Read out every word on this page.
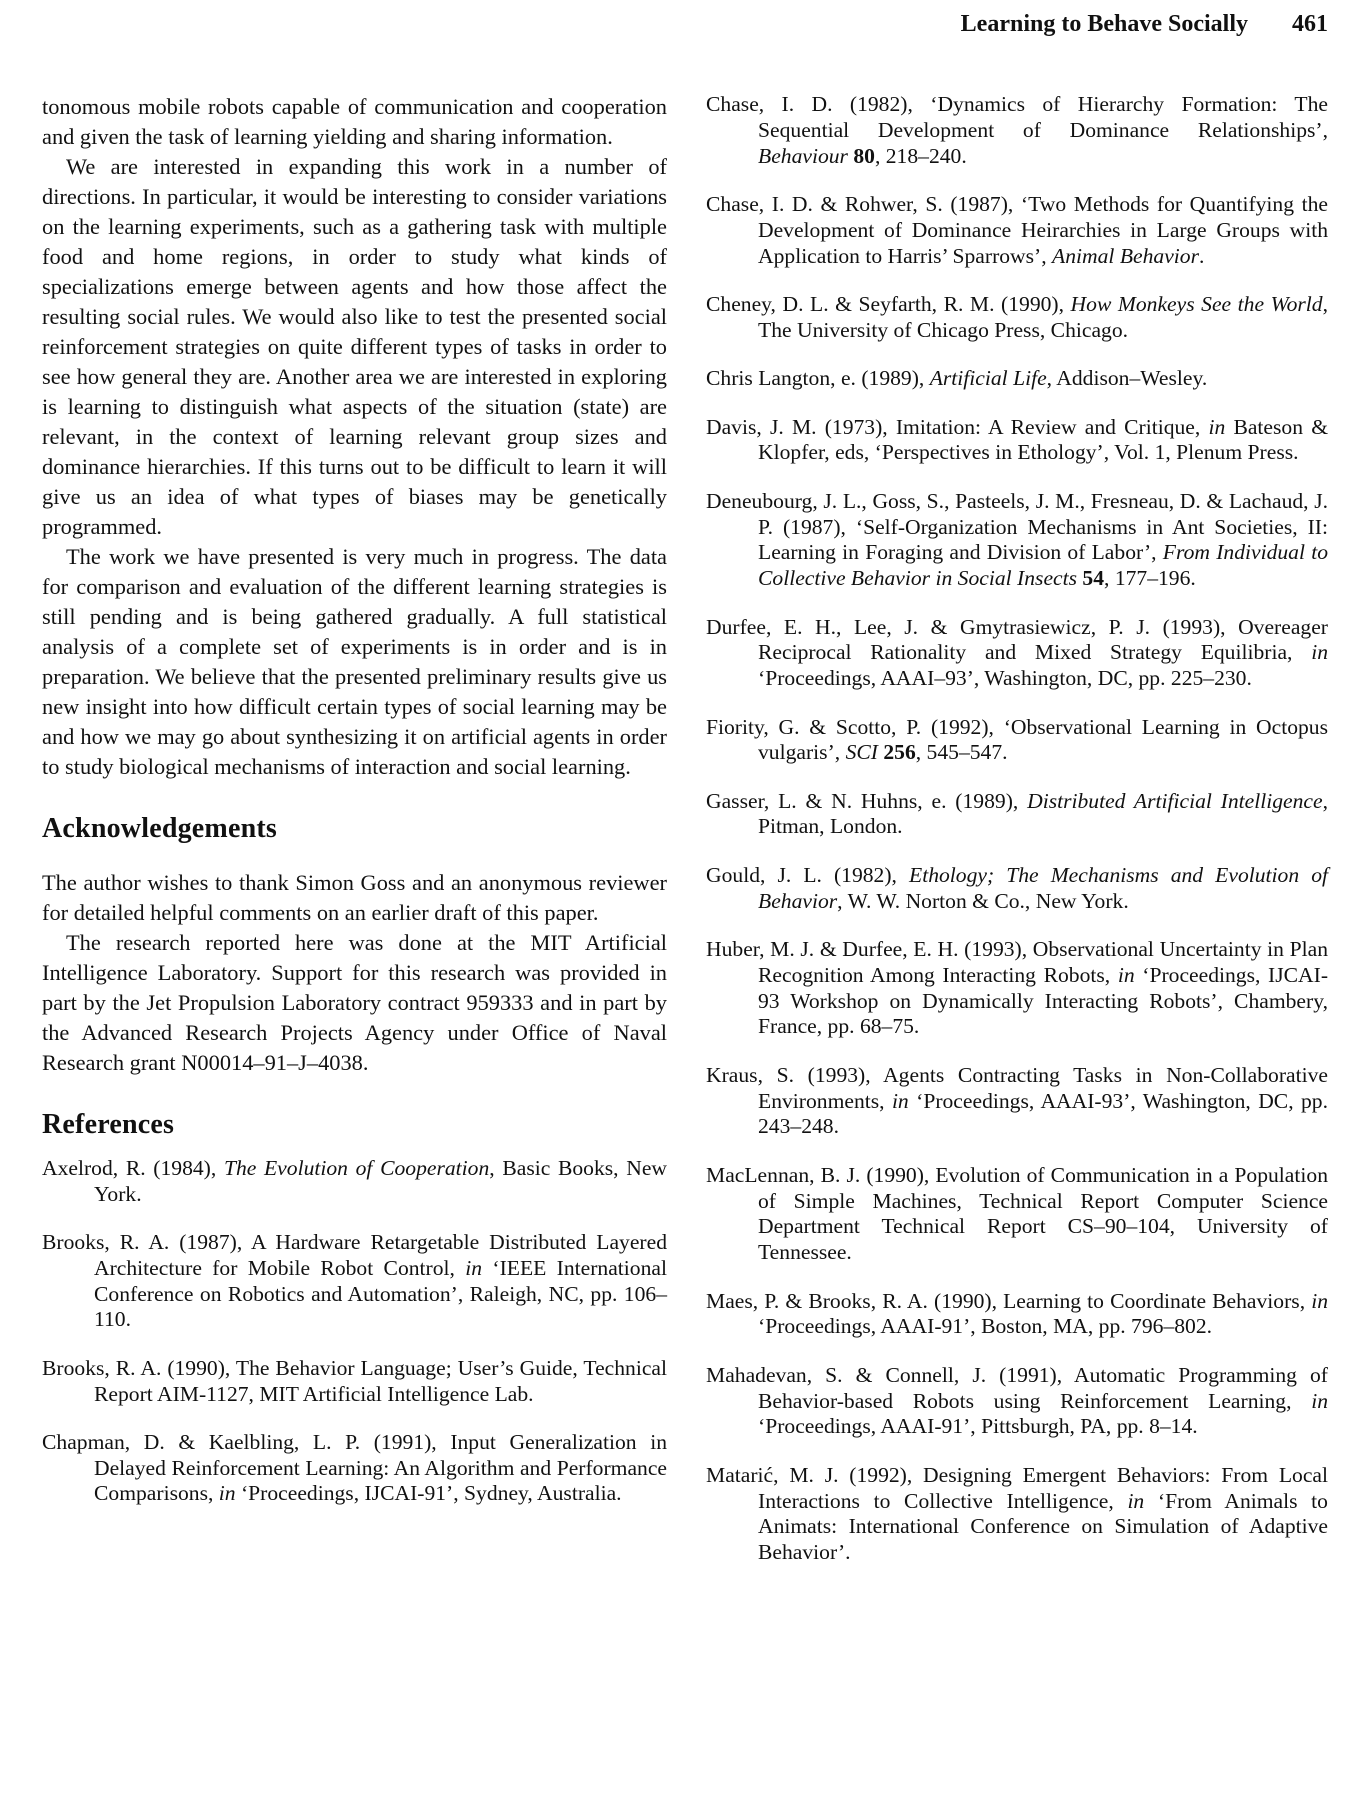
Learning to Behave Socially 461

tonomous mobile robots capable of communication and cooperation and given the task of learning yielding and sharing information.

We are interested in expanding this work in a number of directions. In particular, it would be interesting to consider variations on the learning experiments, such as a gathering task with multiple food and home regions, in order to study what kinds of specializations emerge between agents and how those affect the resulting social rules. We would also like to test the presented social reinforcement strategies on quite different types of tasks in order to see how general they are. Another area we are interested in exploring is learning to distinguish what aspects of the situation (state) are relevant, in the context of learning relevant group sizes and dominance hierarchies. If this turns out to be difficult to learn it will give us an idea of what types of biases may be genetically programmed.

The work we have presented is very much in progress. The data for comparison and evaluation of the different learning strategies is still pending and is being gathered gradually. A full statistical analysis of a complete set of experiments is in order and is in preparation. We believe that the presented preliminary results give us new insight into how difficult certain types of social learning may be and how we may go about synthesizing it on artificial agents in order to study biological mechanisms of interaction and social learning.

Acknowledgements

The author wishes to thank Simon Goss and an anonymous reviewer for detailed helpful comments on an earlier draft of this paper.

The research reported here was done at the MIT Artificial Intelligence Laboratory. Support for this research was provided in part by the Jet Propulsion Laboratory contract 959333 and in part by the Advanced Research Projects Agency under Office of Naval Research grant N00014–91–J–4038.

References

Axelrod, R. (1984), The Evolution of Cooperation, Basic Books, New York.

Brooks, R. A. (1987), A Hardware Retargetable Distributed Layered Architecture for Mobile Robot Control, in ‘IEEE International Conference on Robotics and Automation’, Raleigh, NC, pp. 106–110.

Brooks, R. A. (1990), The Behavior Language; User’s Guide, Technical Report AIM-1127, MIT Artificial Intelligence Lab.

Chapman, D. & Kaelbling, L. P. (1991), Input Generalization in Delayed Reinforcement Learning: An Algorithm and Performance Comparisons, in ‘Proceedings, IJCAI-91’, Sydney, Australia.

Chase, I. D. (1982), ‘Dynamics of Hierarchy Formation: The Sequential Development of Dominance Relationships’, Behaviour 80, 218–240.

Chase, I. D. & Rohwer, S. (1987), ‘Two Methods for Quantifying the Development of Dominance Heirarchies in Large Groups with Application to Harris’ Sparrows’, Animal Behavior.

Cheney, D. L. & Seyfarth, R. M. (1990), How Monkeys See the World, The University of Chicago Press, Chicago.

Chris Langton, e. (1989), Artificial Life, Addison–Wesley.

Davis, J. M. (1973), Imitation: A Review and Critique, in Bateson & Klopfer, eds, ‘Perspectives in Ethology’, Vol. 1, Plenum Press.

Deneubourg, J. L., Goss, S., Pasteels, J. M., Fresneau, D. & Lachaud, J. P. (1987), ‘Self-Organization Mechanisms in Ant Societies, II: Learning in Foraging and Division of Labor’, From Individual to Collective Behavior in Social Insects 54, 177–196.

Durfee, E. H., Lee, J. & Gmytrasiewicz, P. J. (1993), Overeager Reciprocal Rationality and Mixed Strategy Equilibria, in ‘Proceedings, AAAI–93’, Washington, DC, pp. 225–230.

Fiority, G. & Scotto, P. (1992), ‘Observational Learning in Octopus vulgaris’, SCI 256, 545–547.

Gasser, L. & N. Huhns, e. (1989), Distributed Artificial Intelligence, Pitman, London.

Gould, J. L. (1982), Ethology; The Mechanisms and Evolution of Behavior, W. W. Norton & Co., New York.

Huber, M. J. & Durfee, E. H. (1993), Observational Uncertainty in Plan Recognition Among Interacting Robots, in ‘Proceedings, IJCAI-93 Workshop on Dynamically Interacting Robots’, Chambery, France, pp. 68–75.

Kraus, S. (1993), Agents Contracting Tasks in Non-Collaborative Environments, in ‘Proceedings, AAAI-93’, Washington, DC, pp. 243–248.

MacLennan, B. J. (1990), Evolution of Communication in a Population of Simple Machines, Technical Report Computer Science Department Technical Report CS–90–104, University of Tennessee.

Maes, P. & Brooks, R. A. (1990), Learning to Coordinate Behaviors, in ‘Proceedings, AAAI-91’, Boston, MA, pp. 796–802.

Mahadevan, S. & Connell, J. (1991), Automatic Programming of Behavior-based Robots using Reinforcement Learning, in ‘Proceedings, AAAI-91’, Pittsburgh, PA, pp. 8–14.

Matarić, M. J. (1992), Designing Emergent Behaviors: From Local Interactions to Collective Intelligence, in ‘From Animals to Animats: International Conference on Simulation of Adaptive Behavior’.
